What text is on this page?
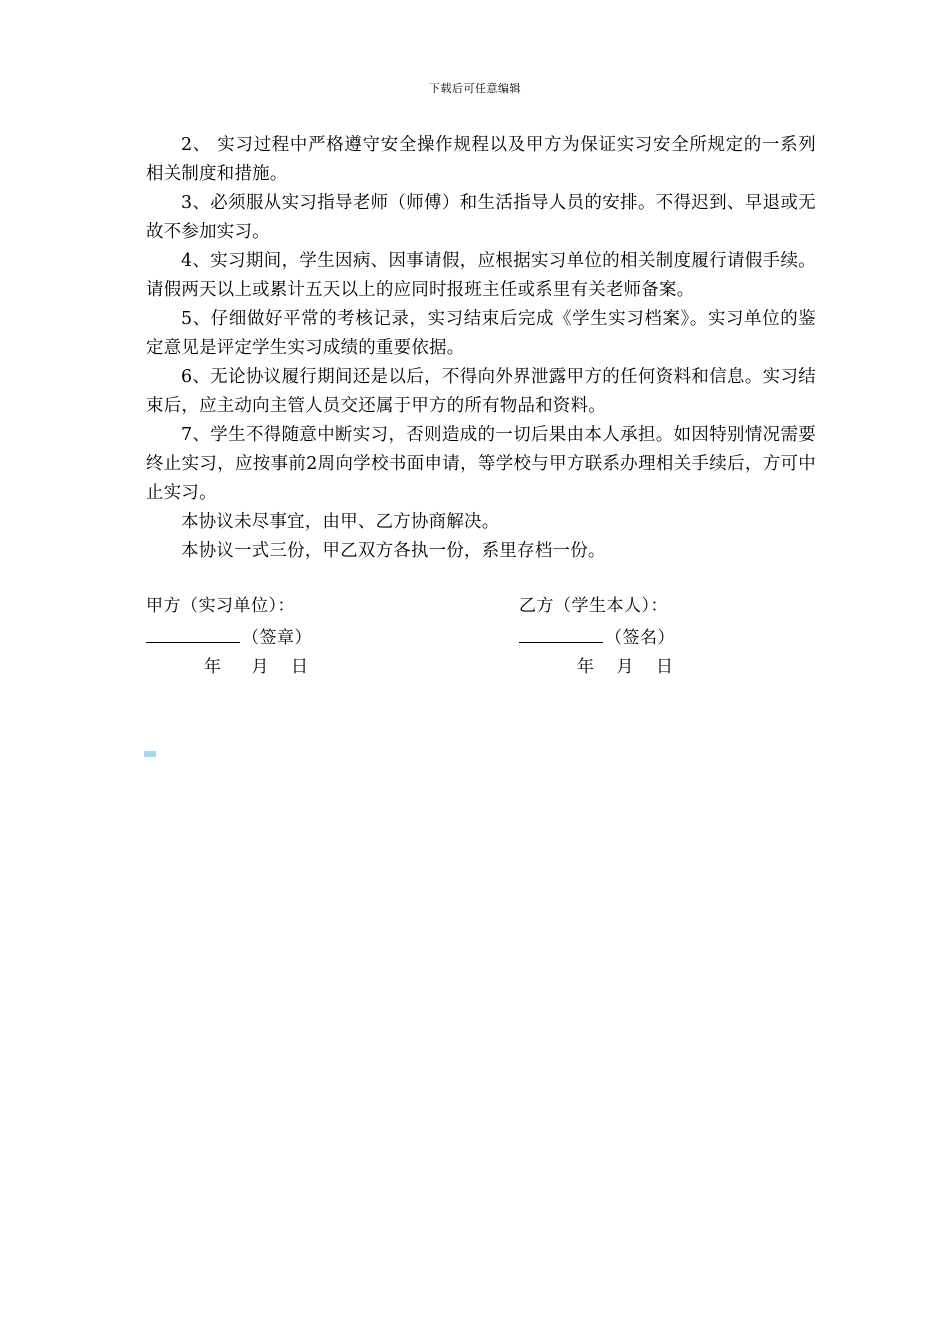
下载后可任意编辑

2、 实习过程中严格遵守安全操作规程以及甲方为保证实习安全所规定的一系列相关制度和措施。

3、必须服从实习指导老师（师傅）和生活指导人员的安排。不得迟到、早退或无故不参加实习。

4、实习期间，学生因病、因事请假，应根据实习单位的相关制度履行请假手续。请假两天以上或累计五天以上的应同时报班主任或系里有关老师备案。

5、仔细做好平常的考核记录，实习结束后完成《学生实习档案》。实习单位的鉴定意见是评定学生实习成绩的重要依据。

6、无论协议履行期间还是以后，不得向外界泄露甲方的任何资料和信息。实习结束后，应主动向主管人员交还属于甲方的所有物品和资料。

7、学生不得随意中断实习，否则造成的一切后果由本人承担。如因特别情况需要终止实习，应按事前2周向学校书面申请，等学校与甲方联系办理相关手续后，方可中止实习。

本协议未尽事宜，由甲、乙方协商解决。

本协议一式三份，甲乙双方各执一份，系里存档一份。

甲方（实习单位）：
（签章）
年 月 日
乙方（学生本人）：
（签名）
年 月 日
